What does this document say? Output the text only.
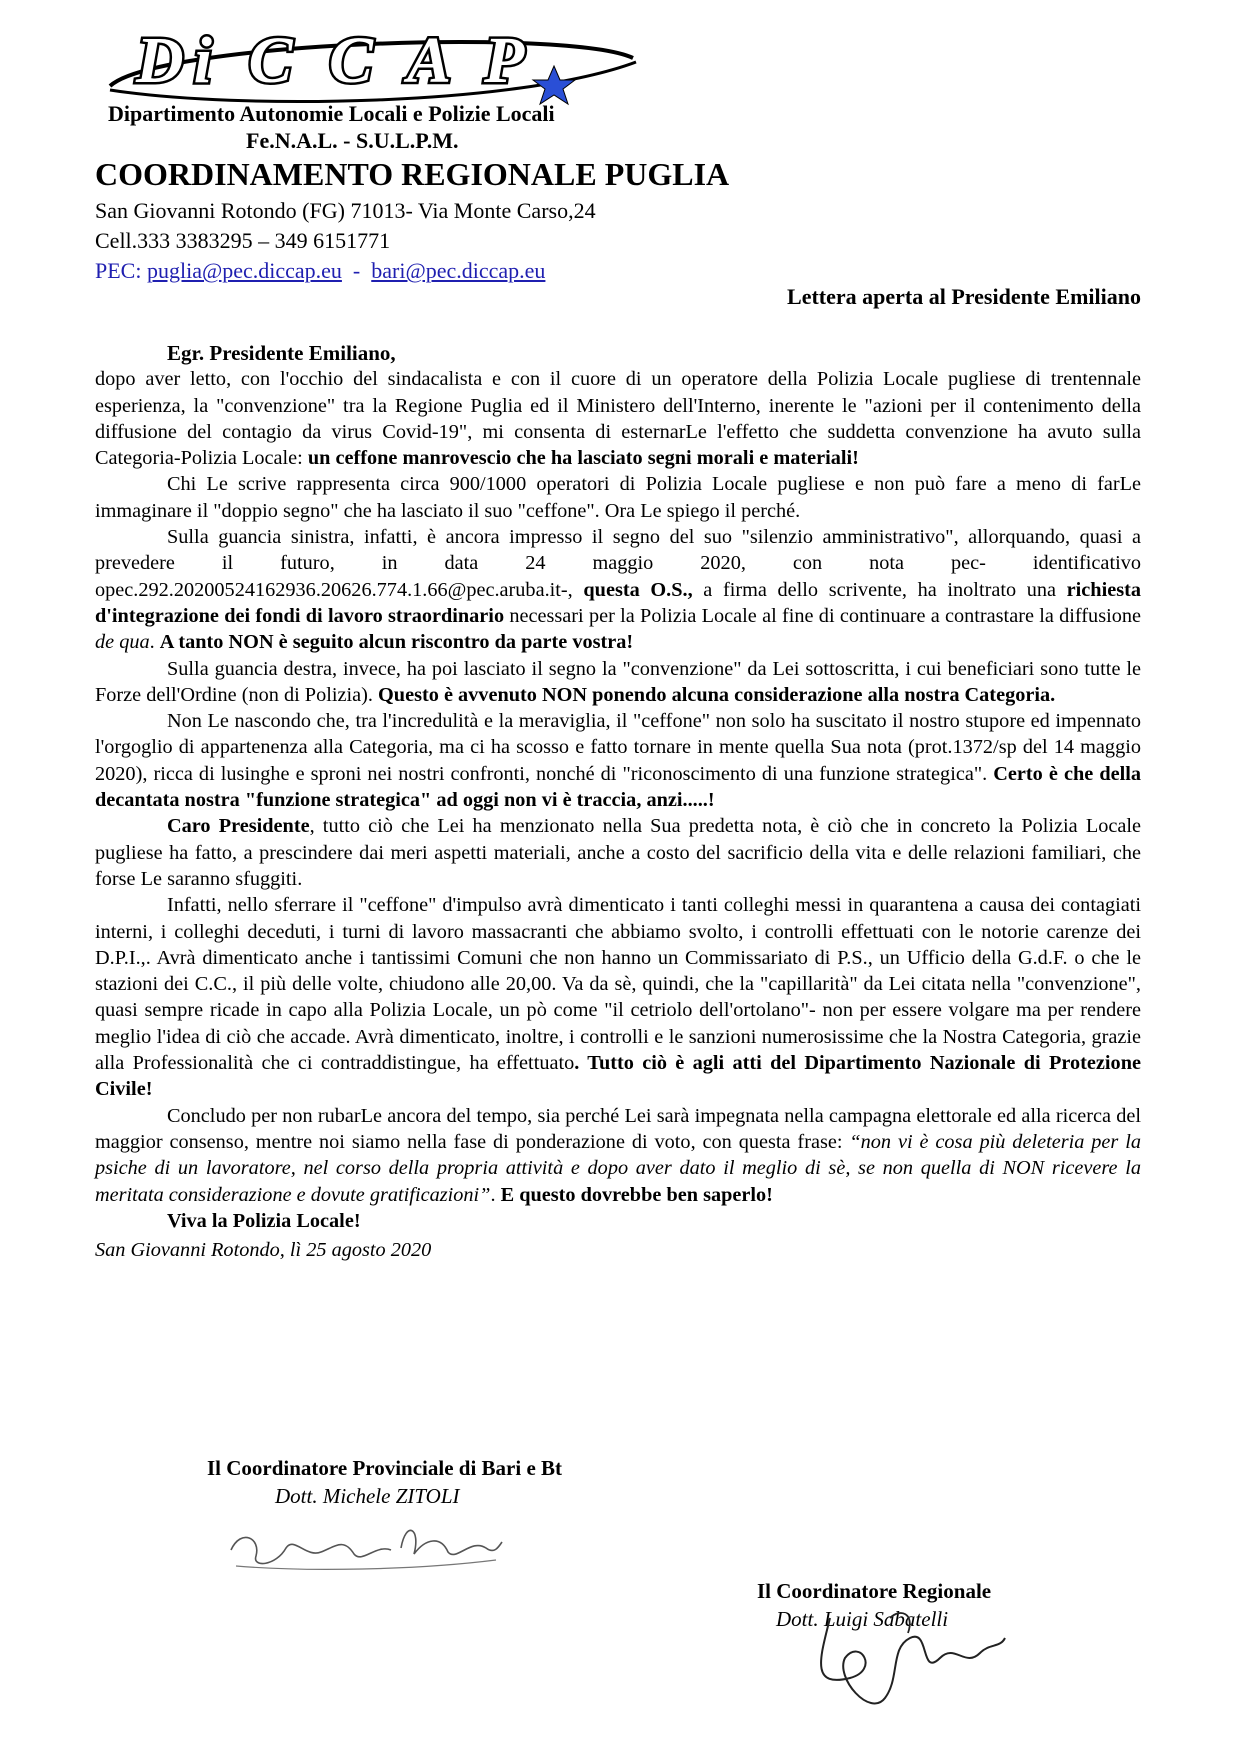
Di C C A P
Dipartimento Autonomie Locali e Polizie Locali
Fe.N.A.L. - S.U.L.P.M.
COORDINAMENTO REGIONALE PUGLIA
San Giovanni Rotondo (FG) 71013- Via Monte Carso,24
Cell.333 3383295 – 349 6151771
PEC: puglia@pec.diccap.eu - bari@pec.diccap.eu
Lettera aperta al Presidente Emiliano

Egr. Presidente Emiliano,

dopo aver letto, con l'occhio del sindacalista e con il cuore di un operatore della Polizia Locale pugliese di trentennale esperienza, la "convenzione" tra la Regione Puglia ed il Ministero dell'Interno, inerente le "azioni per il contenimento della diffusione del contagio da virus Covid-19", mi consenta di esternarLe l'effetto che suddetta convenzione ha avuto sulla Categoria-Polizia Locale: un ceffone manrovescio che ha lasciato segni morali e materiali!

Chi Le scrive rappresenta circa 900/1000 operatori di Polizia Locale pugliese e non può fare a meno di farLe immaginare il "doppio segno" che ha lasciato il suo "ceffone". Ora Le spiego il perché.

Sulla guancia sinistra, infatti, è ancora impresso il segno del suo "silenzio amministrativo", allorquando, quasi a prevedere il futuro, in data 24 maggio 2020, con nota pec- identificativo opec.292.20200524162936.20626.774.1.66@pec.aruba.it-, questa O.S., a firma dello scrivente, ha inoltrato una richiesta d'integrazione dei fondi di lavoro straordinario necessari per la Polizia Locale al fine di continuare a contrastare la diffusione de qua. A tanto NON è seguito alcun riscontro da parte vostra!

Sulla guancia destra, invece, ha poi lasciato il segno la "convenzione" da Lei sottoscritta, i cui beneficiari sono tutte le Forze dell'Ordine (non di Polizia). Questo è avvenuto NON ponendo alcuna considerazione alla nostra Categoria.

Non Le nascondo che, tra l'incredulità e la meraviglia, il "ceffone" non solo ha suscitato il nostro stupore ed impennato l'orgoglio di appartenenza alla Categoria, ma ci ha scosso e fatto tornare in mente quella Sua nota (prot.1372/sp del 14 maggio 2020), ricca di lusinghe e sproni nei nostri confronti, nonché di "riconoscimento di una funzione strategica". Certo è che della decantata nostra "funzione strategica" ad oggi non vi è traccia, anzi.....!

Caro Presidente, tutto ciò che Lei ha menzionato nella Sua predetta nota, è ciò che in concreto la Polizia Locale pugliese ha fatto, a prescindere dai meri aspetti materiali, anche a costo del sacrificio della vita e delle relazioni familiari, che forse Le saranno sfuggiti.

Infatti, nello sferrare il "ceffone" d'impulso avrà dimenticato i tanti colleghi messi in quarantena a causa dei contagiati interni, i colleghi deceduti, i turni di lavoro massacranti che abbiamo svolto, i controlli effettuati con le notorie carenze dei D.P.I.,. Avrà dimenticato anche i tantissimi Comuni che non hanno un Commissariato di P.S., un Ufficio della G.d.F. o che le stazioni dei C.C., il più delle volte, chiudono alle 20,00. Va da sè, quindi, che la "capillarità" da Lei citata nella "convenzione", quasi sempre ricade in capo alla Polizia Locale, un pò come "il cetriolo dell'ortolano"- non per essere volgare ma per rendere meglio l'idea di ciò che accade. Avrà dimenticato, inoltre, i controlli e le sanzioni numerosissime che la Nostra Categoria, grazie alla Professionalità che ci contraddistingue, ha effettuato. Tutto ciò è agli atti del Dipartimento Nazionale di Protezione Civile!

Concludo per non rubarLe ancora del tempo, sia perché Lei sarà impegnata nella campagna elettorale ed alla ricerca del maggior consenso, mentre noi siamo nella fase di ponderazione di voto, con questa frase: “non vi è cosa più deleteria per la psiche di un lavoratore, nel corso della propria attività e dopo aver dato il meglio di sè, se non quella di NON ricevere la meritata considerazione e dovute gratificazioni”. E questo dovrebbe ben saperlo!

Viva la Polizia Locale!

San Giovanni Rotondo, lì 25 agosto 2020

Il Coordinatore Provinciale di Bari e Bt
Dott. Michele ZITOLI
Il Coordinatore Regionale
Dott. Luigi Sabatelli
